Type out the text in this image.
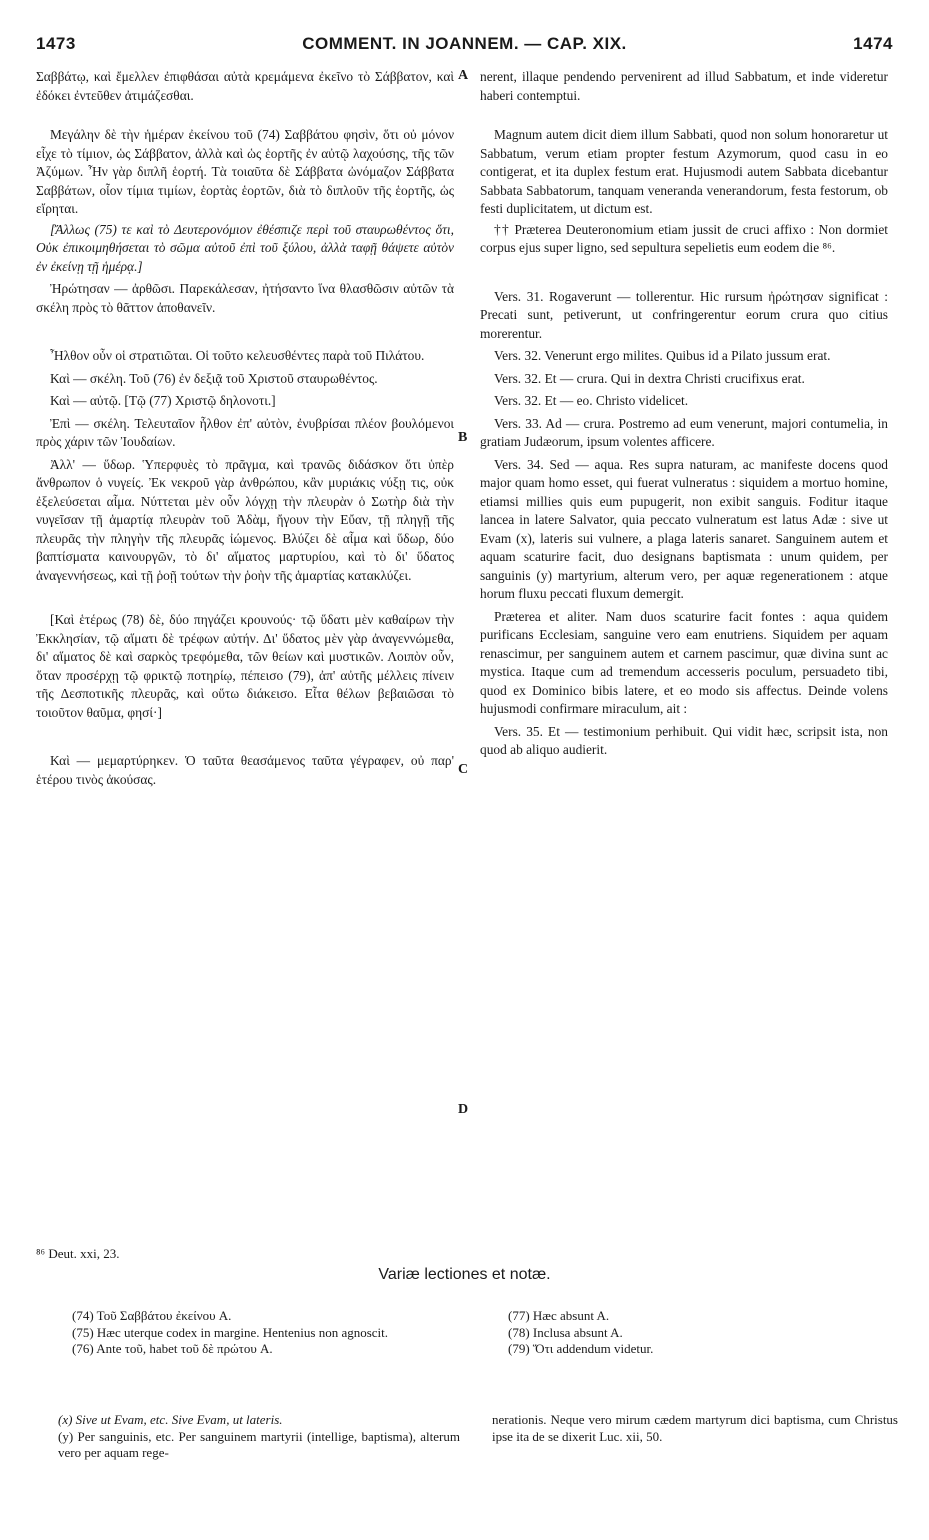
1473	COMMENT. IN JOANNEM. — CAP. XIX.	1474
A
B
C
D

Σαββάτῳ, καὶ ἔμελλεν ἐπιφθάσαι αὐτὰ κρεμάμενα ἐκεῖνο τὸ Σάββατον, καὶ ἐδόκει ἐντεῦθεν ἀτιμάζεσθαι.

Μεγάλην δὲ τὴν ἡμέραν ἐκείνου τοῦ (74) Σαββάτου φησὶν, ὅτι οὐ μόνον εἶχε τὸ τίμιον, ὡς Σάββατον, ἀλλὰ καὶ ὡς ἑορτῆς ἐν αὐτῷ λαχούσης, τῆς τῶν Ἀζύμων. Ἦν γὰρ διπλῆ ἑορτή. Τὰ τοιαῦτα δὲ Σάββατα ὠνόμαζον Σάββατα Σαββάτων, οἷον τίμια τιμίων, ἑορτὰς ἑορτῶν, διὰ τὸ διπλοῦν τῆς ἑορτῆς, ὡς εἴρηται.

[Ἄλλως (75) τε καὶ τὸ Δευτερονόμιον ἐθέσπιζε περὶ τοῦ σταυρωθέντος ὅτι, Οὐκ ἐπικοιμηθήσεται τὸ σῶμα αὐτοῦ ἐπὶ τοῦ ξύλου, ἀλλὰ ταφῇ θάψετε αὐτὸν ἐν ἐκείνῃ τῇ ἡμέρᾳ.]

Ἠρώτησαν — ἀρθῶσι. Παρεκάλεσαν, ἠτήσαντο ἵνα θλασθῶσιν αὐτῶν τὰ σκέλη πρὸς τὸ θᾶττον ἀποθανεῖν.

Ἦλθον οὖν οἱ στρατιῶται. Οἱ τοῦτο κελευσθέντες παρὰ τοῦ Πιλάτου.

Καὶ — σκέλη. Τοῦ (76) ἐν δεξιᾷ τοῦ Χριστοῦ σταυρωθέντος.

Καὶ — αὐτῷ. [Τῷ (77) Χριστῷ δηλονοτι.]

Ἐπὶ — σκέλη. Τελευταῖον ἦλθον ἐπ' αὐτὸν, ἐνυβρίσαι πλέον βουλόμενοι πρὸς χάριν τῶν Ἰουδαίων.

Ἀλλ' — ὕδωρ. Ὑπερφυὲς τὸ πρᾶγμα, καὶ τρανῶς διδάσκον ὅτι ὑπὲρ ἄνθρωπον ὁ νυγείς. Ἐκ νεκροῦ γὰρ ἀνθρώπου, κἂν μυριάκις νύξῃ τις, οὐκ ἐξελεύσεται αἷμα. Νύττεται μὲν οὖν λόγχῃ τὴν πλευρὰν ὁ Σωτὴρ διὰ τὴν νυγεῖσαν τῇ ἁμαρτίᾳ πλευρὰν τοῦ Ἀδὰμ, ἤγουν τὴν Εὔαν, τῇ πληγῇ τῆς πλευρᾶς τὴν πληγὴν τῆς πλευρᾶς ἰώμενος. Βλύζει δὲ αἷμα καὶ ὕδωρ, δύο βαπτίσματα καινουργῶν, τὸ δι' αἵματος μαρτυρίου, καὶ τὸ δι' ὕδατος ἀναγεννήσεως, καὶ τῇ ῥοῇ τούτων τὴν ῥοὴν τῆς ἁμαρτίας κατακλύζει.

[Καὶ ἑτέρως (78) δὲ, δύο πηγάζει κρουνούς· τῷ ὕδατι μὲν καθαίρων τὴν Ἐκκλησίαν, τῷ αἵματι δὲ τρέφων αὐτήν. Δι' ὕδατος μὲν γὰρ ἀναγεννώμεθα, δι' αἵματος δὲ καὶ σαρκὸς τρεφόμεθα, τῶν θείων καὶ μυστικῶν. Λοιπὸν οὖν, ὅταν προσέρχῃ τῷ φρικτῷ ποτηρίῳ, πέπεισο (79), ἀπ' αὐτῆς μέλλεις πίνειν τῆς Δεσποτικῆς πλευρᾶς, καὶ οὕτω διάκεισο. Εἶτα θέλων βεβαιῶσαι τὸ τοιοῦτον θαῦμα, φησί·]

Καὶ — μεμαρτύρηκεν. Ὁ ταῦτα θεασάμενος ταῦτα γέγραφεν, οὐ παρ' ἑτέρου τινὸς ἀκούσας.

nerent, illaque pendendo pervenirent ad illud Sabbatum, et inde videretur haberi contemptui.

Magnum autem dicit diem illum Sabbati, quod non solum honoraretur ut Sabbatum, verum etiam propter festum Azymorum, quod casu in eo contigerat, et ita duplex festum erat. Hujusmodi autem Sabbata dicebantur Sabbata Sabbatorum, tanquam veneranda venerandorum, festa festorum, ob festi duplicitatem, ut dictum est.

†† Præterea Deuteronomium etiam jussit de cruci affixo : Non dormiet corpus ejus super ligno, sed sepultura sepelietis eum eodem die ⁸⁶.

Vers. 31. Rogaverunt — tollerentur. Hic rursum ἠρώτησαν significat : Precati sunt, petiverunt, ut confringerentur eorum crura quo citius morerentur.

Vers. 32. Venerunt ergo milites. Quibus id a Pilato jussum erat.

Vers. 32. Et — crura. Qui in dextra Christi crucifixus erat.

Vers. 32. Et — eo. Christo videlicet.

Vers. 33. Ad — crura. Postremo ad eum venerunt, majori contumelia, in gratiam Judæorum, ipsum volentes afficere.

Vers. 34. Sed — aqua. Res supra naturam, ac manifeste docens quod major quam homo esset, qui fuerat vulneratus : siquidem a mortuo homine, etiamsi millies quis eum pupugerit, non exibit sanguis. Foditur itaque lancea in latere Salvator, quia peccato vulneratum est latus Adæ : sive ut Evam (x), lateris sui vulnere, a plaga lateris sanaret. Sanguinem autem et aquam scaturire facit, duo designans baptismata : unum quidem, per sanguinis (y) martyrium, alterum vero, per aquæ regenerationem : atque horum fluxu peccati fluxum demergit.

Præterea et aliter. Nam duos scaturire facit fontes : aqua quidem purificans Ecclesiam, sanguine vero eam enutriens. Siquidem per aquam renascimur, per sanguinem autem et carnem pascimur, quæ divina sunt ac mystica. Itaque cum ad tremendum accesseris poculum, persuadeto tibi, quod ex Dominico bibis latere, et eo modo sis affectus. Deinde volens hujusmodi confirmare miraculum, ait :

Vers. 35. Et — testimonium perhibuit. Qui vidit hæc, scripsit ista, non quod ab aliquo audierit.

⁸⁶ Deut. xxi, 23.
Variæ lectiones et notæ.
(74) Τοῦ Σαββάτου ἐκείνου A.
(75) Hæc uterque codex in margine. Hentenius non agnoscit.
(76) Ante τοῦ, habet τοῦ δὲ πρώτου A.
(77) Hæc absunt A.
(78) Inclusa absunt A.
(79) Ὅτι addendum videtur.
(x) Sive ut Evam, etc. Sive Evam, ut lateris.
(y) Per sanguinis, etc. Per sanguinem martyrii (intellige, baptisma), alterum vero per aquam rege-
nerationis. Neque vero mirum cædem martyrum dici baptisma, cum Christus ipse ita de se dixerit Luc. xii, 50.
